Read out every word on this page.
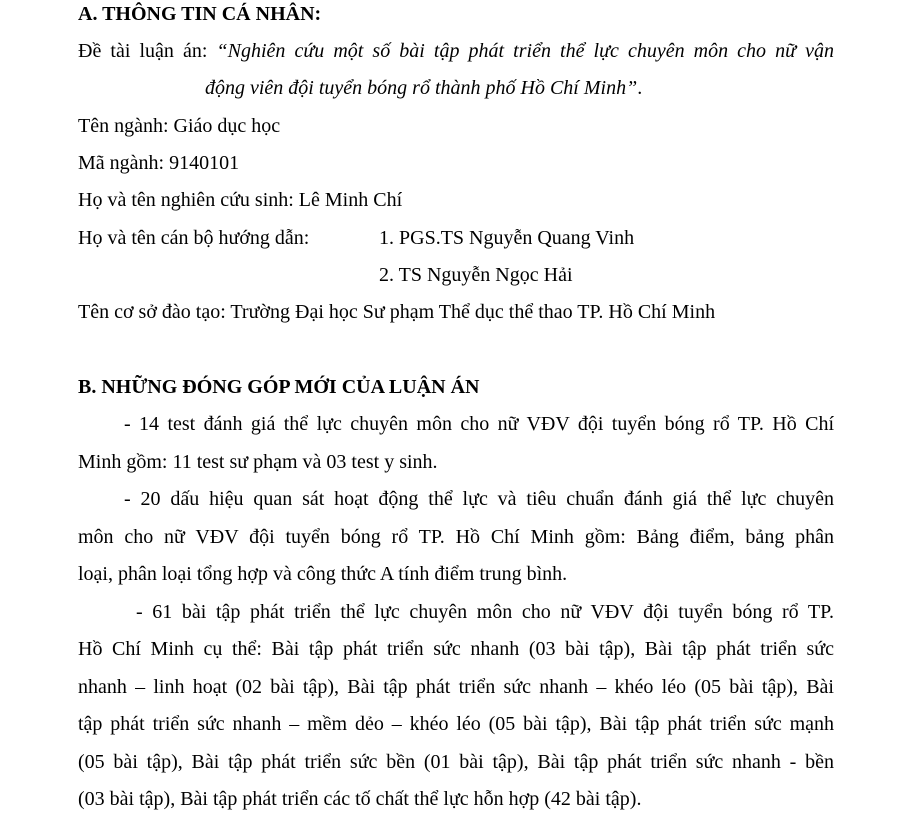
A. THÔNG TIN CÁ NHÂN:
Đề tài luận án: “Nghiên cứu một số bài tập phát triển thể lực chuyên môn cho nữ vận
động viên đội tuyển bóng rổ thành phố Hồ Chí Minh”.
Tên ngành: Giáo dục học
Mã ngành: 9140101
Họ và tên nghiên cứu sinh: Lê Minh Chí
Họ và tên cán bộ hướng dẫn:	1. PGS.TS Nguyễn Quang Vinh
2. TS Nguyễn Ngọc Hải
Tên cơ sở đào tạo: Trường Đại học Sư phạm Thể dục thể thao TP. Hồ Chí Minh
B. NHỮNG ĐÓNG GÓP MỚI CỦA LUẬN ÁN
- 14 test đánh giá thể lực chuyên môn cho nữ VĐV đội tuyển bóng rổ TP. Hồ Chí
Minh gồm: 11 test sư phạm và 03 test y sinh.
- 20 dấu hiệu quan sát hoạt động thể lực và tiêu chuẩn đánh giá thể lực chuyên
môn cho nữ VĐV đội tuyển bóng rổ TP. Hồ Chí Minh gồm: Bảng điểm, bảng phân
loại, phân loại tổng hợp và công thức A tính điểm trung bình.
- 61 bài tập phát triển thể lực chuyên môn cho nữ VĐV đội tuyển bóng rổ TP.
Hồ Chí Minh cụ thể: Bài tập phát triển sức nhanh (03 bài tập), Bài tập phát triển sức
nhanh – linh hoạt (02 bài tập), Bài tập phát triển sức nhanh – khéo léo (05 bài tập), Bài
tập phát triển sức nhanh – mềm dẻo – khéo léo (05 bài tập), Bài tập phát triển sức mạnh
(05 bài tập), Bài tập phát triển sức bền (01 bài tập), Bài tập phát triển sức nhanh - bền
(03 bài tập), Bài tập phát triển các tố chất thể lực hỗn hợp (42 bài tập).
